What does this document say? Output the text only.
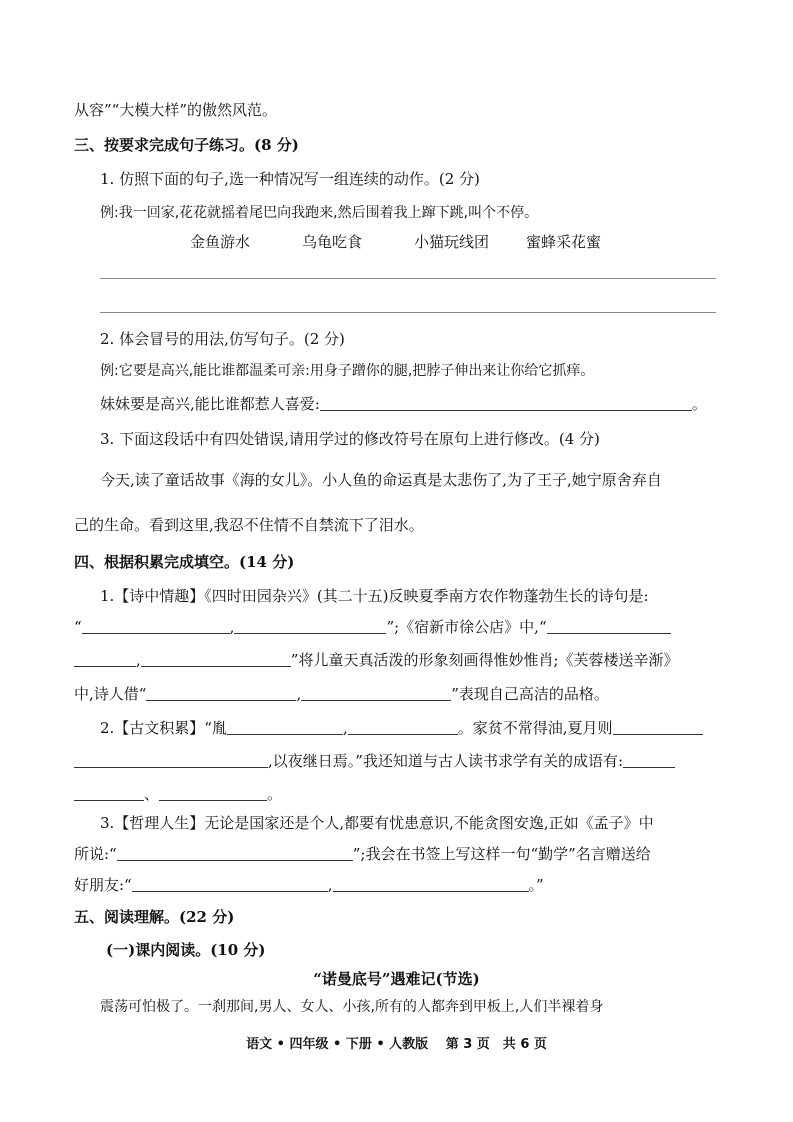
从容”“大模大样”的傲然风范。
三、按要求完成句子练习。(8 分)
1. 仿照下面的句子,选一种情况写一组连续的动作。(2 分)
例:我一回家,花花就摇着尾巴向我跑来,然后围着我上蹿下跳,叫个不停。
金鱼游水	乌龟吃食	小猫玩线团 蜜蜂采花蜜
2. 体会冒号的用法,仿写句子。(2 分)
例:它要是高兴,能比谁都温柔可亲:用身子蹭你的腿,把脖子伸出来让你给它抓痒。
妹妹要是高兴,能比谁都惹人喜爱:	。
3. 下面这段话中有四处错误,请用学过的修改符号在原句上进行修改。(4 分)
今天,读了童话故事《海的女儿》。小人鱼的命运真是太悲伤了,为了王子,她宁原舍弃自
己的生命。看到这里,我忍不住情不自禁流下了泪水。
四、根据积累完成填空。(14 分)
1.【诗中情趣】《四时田园杂兴》(其二十五)反映夏季南方农作物蓬勃生长的诗句是:
“	,	”;《宿新市徐公店》中,“
,	”将儿童天真活泼的形象刻画得惟妙惟肖;《芙蓉楼送辛渐》
中,诗人借“	,	”表现自己高洁的品格。
2.【古文积累】“胤	,	。家贫不常得油,夏月则
,以夜继日焉。”我还知道与古人读书求学有关的成语有:
、	。
3.【哲理人生】无论是国家还是个人,都要有忧患意识,不能贪图安逸,正如《孟子》中
所说:“	”;我会在书签上写这样一句“勤学”名言赠送给
好朋友:“	,	。”
五、阅读理解。(22 分)
(一)课内阅读。(10 分)
“诺曼底号”遇难记(节选)
震荡可怕极了。一刹那间,男人、女人、小孩,所有的人都奔到甲板上,人们半裸着身
语文 • 四年级 • 下册 • 人教版　 第 3 页　共 6 页
